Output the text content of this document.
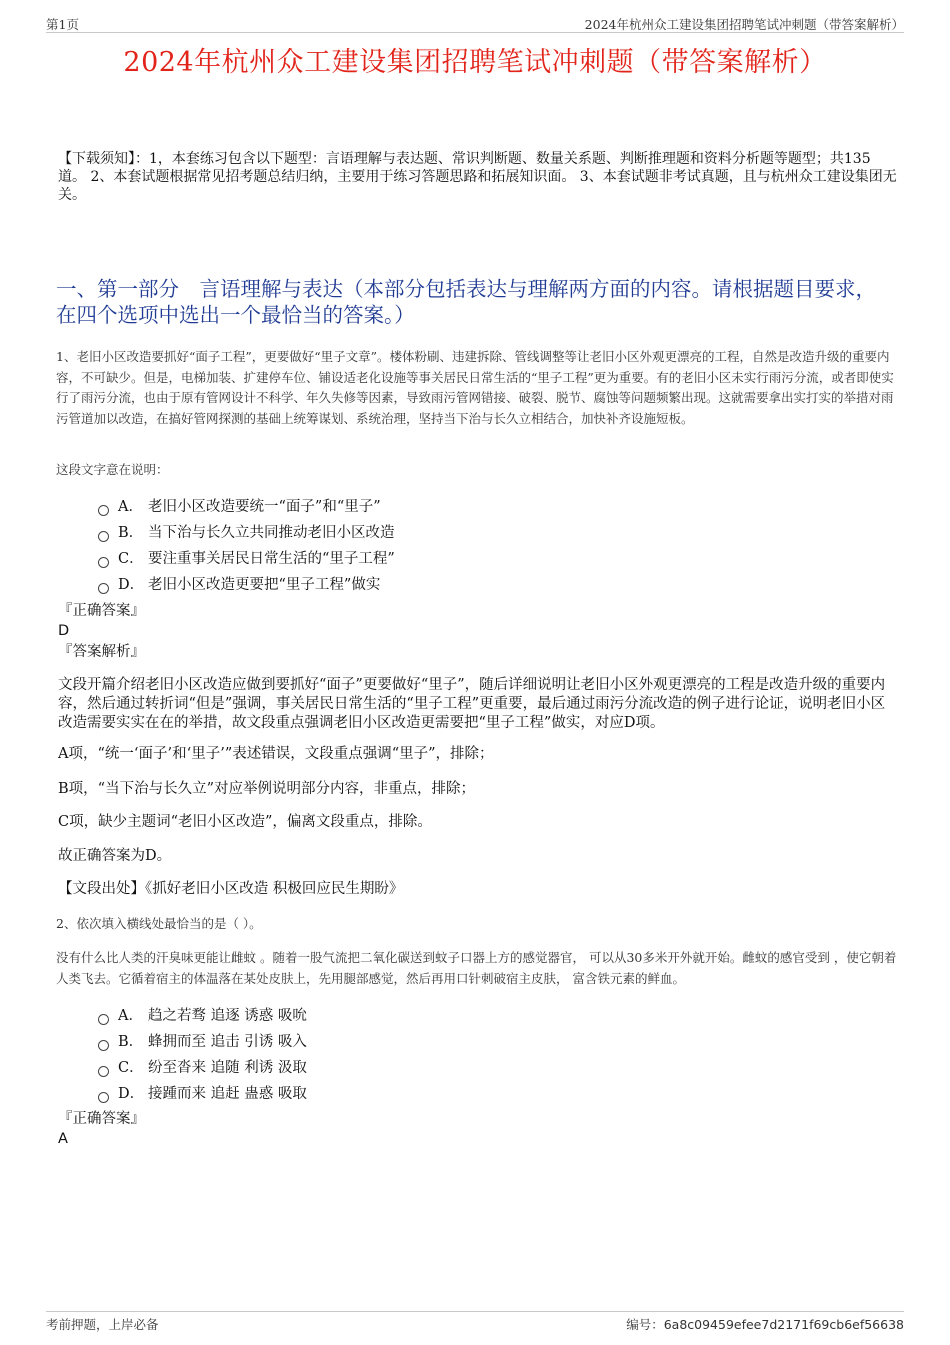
第1页	2024年杭州众工建设集团招聘笔试冲刺题（带答案解析）
2024年杭州众工建设集团招聘笔试冲刺题（带答案解析）
【下载须知】：1，本套练习包含以下题型：言语理解与表达题、常识判断题、数量关系题、判断推理题和资料分析题等题型；共135道。 2、本套试题根据常见招考题总结归纳，主要用于练习答题思路和拓展知识面。 3、本套试题非考试真题，且与杭州众工建设集团无关。
一、第一部分　言语理解与表达（本部分包括表达与理解两方面的内容。请根据题目要求，在四个选项中选出一个最恰当的答案。）
1、老旧小区改造要抓好“面子工程”，更要做好“里子文章”。楼体粉刷、违建拆除、管线调整等让老旧小区外观更漂亮的工程，自然是改造升级的重要内容，不可缺少。但是，电梯加装、扩建停车位、铺设适老化设施等事关居民日常生活的“里子工程”更为重要。有的老旧小区未实行雨污分流，或者即使实行了雨污分流，也由于原有管网设计不科学、年久失修等因素，导致雨污管网错接、破裂、脱节、腐蚀等问题频繁出现。这就需要拿出实打实的举措对雨污管道加以改造，在搞好管网探测的基础上统筹谋划、系统治理，坚持当下治与长久立相结合，加快补齐设施短板。
这段文字意在说明：
A． 老旧小区改造要统一“面子”和“里子”
B． 当下治与长久立共同推动老旧小区改造
C． 要注重事关居民日常生活的“里子工程”
D． 老旧小区改造更要把“里子工程”做实
『正确答案』
D
『答案解析』
文段开篇介绍老旧小区改造应做到要抓好“面子”更要做好“里子”，随后详细说明让老旧小区外观更漂亮的工程是改造升级的重要内容，然后通过转折词“但是”强调，事关居民日常生活的“里子工程”更重要，最后通过雨污分流改造的例子进行论证，说明老旧小区改造需要实实在在的举措，故文段重点强调老旧小区改造更需要把“里子工程”做实，对应D项。
A项，“统一‘面子’和‘里子’”表述错误，文段重点强调“里子”，排除；
B项，“当下治与长久立”对应举例说明部分内容，非重点，排除；
C项，缺少主题词“老旧小区改造”，偏离文段重点，排除。
故正确答案为D。
【文段出处】《抓好老旧小区改造 积极回应民生期盼》
2、依次填入横线处最恰当的是（ ）。
没有什么比人类的汗臭味更能让雌蚊 。随着一股气流把二氧化碳送到蚊子口器上方的感觉器官， 可以从30多米开外就开始。雌蚊的感官受到 ，使它朝着人类飞去。它循着宿主的体温落在某处皮肤上，先用腿部感觉，然后再用口针刺破宿主皮肤， 富含铁元素的鲜血。
A． 趋之若骛 追逐 诱惑 吸吮
B． 蜂拥而至 追击 引诱 吸入
C． 纷至沓来 追随 利诱 汲取
D． 接踵而来 追赶 蛊惑 吸取
『正确答案』
A
考前押题，上岸必备	编号：6a8c09459efee7d2171f69cb6ef56638
